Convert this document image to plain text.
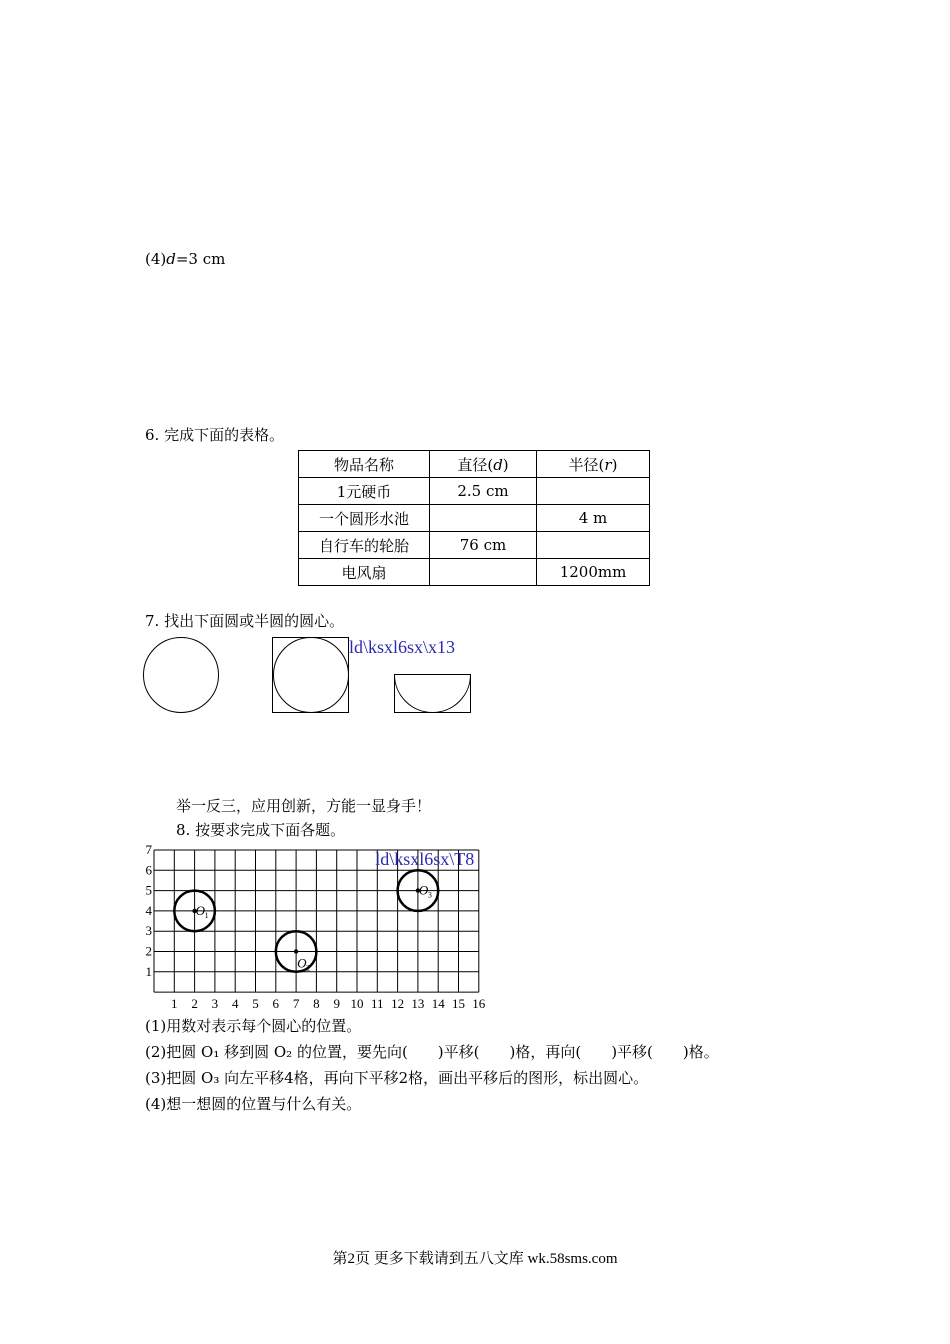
(4)d=3 cm
6. 完成下面的表格。
物品名称	直径(d)	半径(r)
1元硬币	2.5 cm	
一个圆形水池		4 m
自行车的轮胎	76 cm	
电风扇		1200mm
7. 找出下面圆或半圆的圆心。
ld\ksxl6sx\x13
举一反三，应用创新，方能一显身手！
8. 按要求完成下面各题。
1 2 3 4 5 6 7 8 9 10 11 12 13 14 15 16
1
2
3
4
5
6
7	ld\ksxl6sx\T8
O 1
O 2
O 3
(1)用数对表示每个圆心的位置。
(2)把圆 O₁ 移到圆 O₂ 的位置，要先向(　　)平移(　　)格，再向(　　)平移(　　)格。
(3)把圆 O₃ 向左平移4格，再向下平移2格，画出平移后的图形，标出圆心。
(4)想一想圆的位置与什么有关。
第2页 更多下载请到五八文库 wk.58sms.com
